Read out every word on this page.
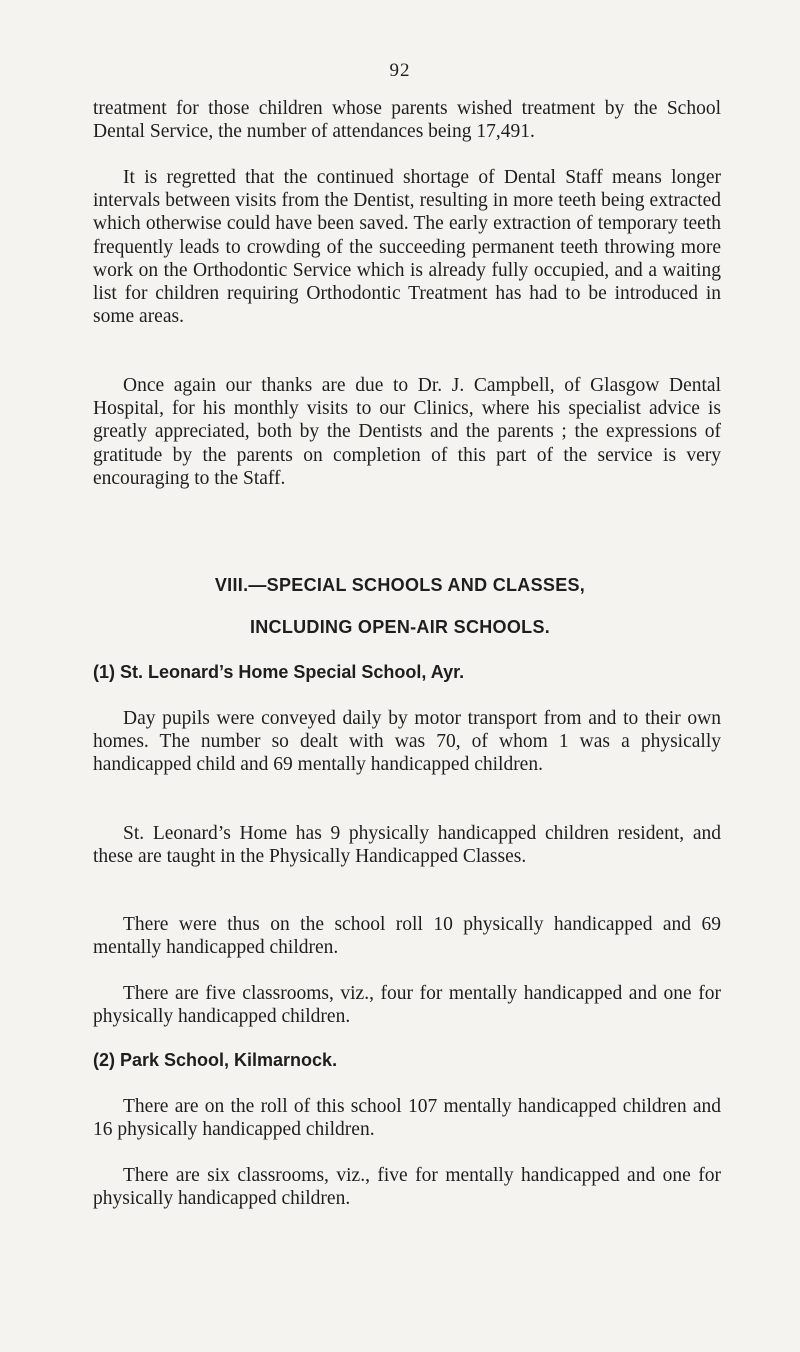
92

treatment for those children whose parents wished treatment by the School Dental Service, the number of attendances being 17,491.

It is regretted that the continued shortage of Dental Staff means longer intervals between visits from the Dentist, resulting in more teeth being extracted which otherwise could have been saved. The early extraction of temporary teeth frequently leads to crowding of the succeeding permanent teeth throwing more work on the Orthodontic Service which is already fully occupied, and a waiting list for children requiring Orthodontic Treatment has had to be introduced in some areas.

Once again our thanks are due to Dr. J. Campbell, of Glasgow Dental Hospital, for his monthly visits to our Clinics, where his specialist advice is greatly appreciated, both by the Dentists and the parents ; the expressions of gratitude by the parents on completion of this part of the service is very encouraging to the Staff.

VIII.—SPECIAL SCHOOLS AND CLASSES,
INCLUDING OPEN-AIR SCHOOLS.
(1) St. Leonard’s Home Special School, Ayr.

Day pupils were conveyed daily by motor transport from and to their own homes. The number so dealt with was 70, of whom 1 was a physically handicapped child and 69 mentally handicapped children.

St. Leonard’s Home has 9 physically handicapped children resident, and these are taught in the Physically Handicapped Classes.

There were thus on the school roll 10 physically handicapped and 69 mentally handicapped children.

There are five classrooms, viz., four for mentally handicapped and one for physically handicapped children.

(2) Park School, Kilmarnock.

There are on the roll of this school 107 mentally handicapped children and 16 physically handicapped children.

There are six classrooms, viz., five for mentally handicapped and one for physically handicapped children.
